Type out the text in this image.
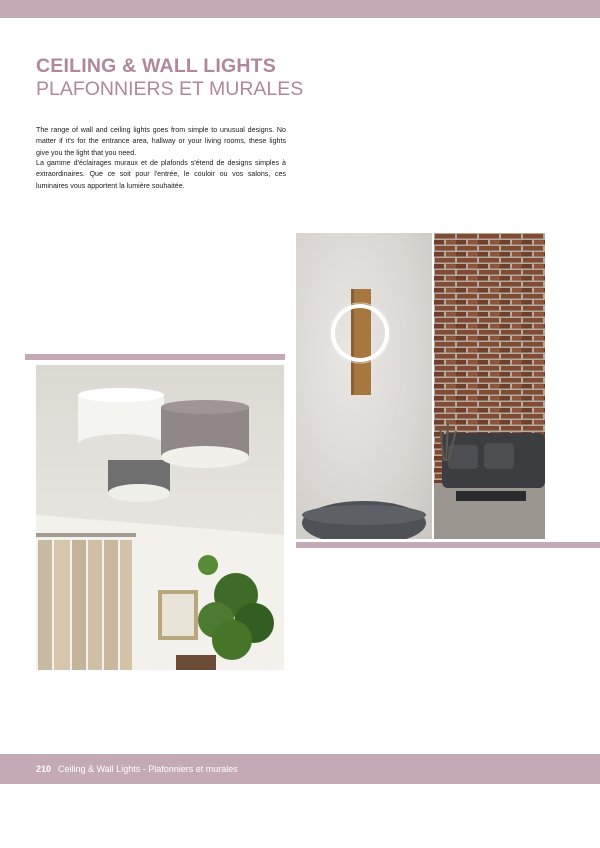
CEILING & WALL LIGHTS
PLAFONNIERS ET MURALES
The range of wall and ceiling lights goes from simple to unusual designs. No matter if it's for the entrance area, hallway or your living rooms, these lights give you the light that you need.
La gamme d'éclairages muraux et de plafonds s'étend de designs simples à extraordinaires. Que ce soit pour l'entrée, le couloir ou vos salons, ces luminaires vous apportent la lumière souhaitée.
210 Ceiling & Wall Lights - Plafonniers et murales
